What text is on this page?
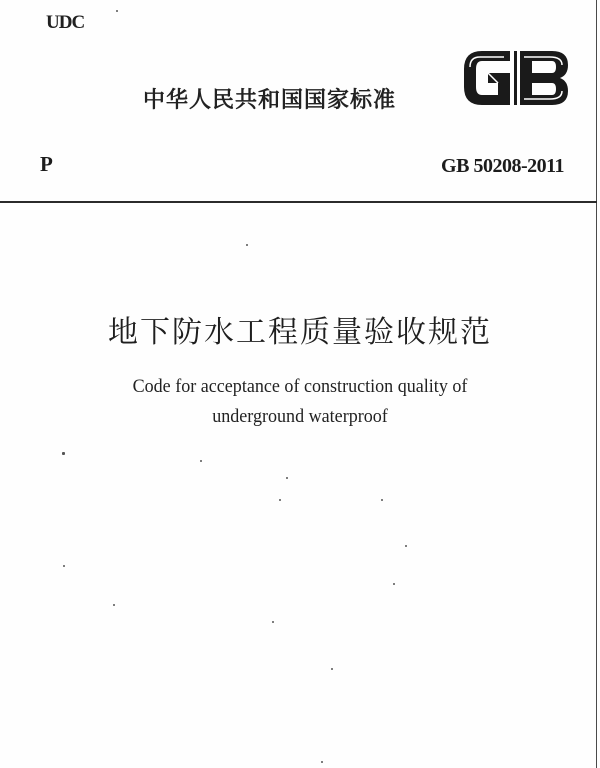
UDC
中华人民共和国国家标准
P	GB 50208-2011
地下防水工程质量验收规范
Code for acceptance of construction quality of
underground waterproof
